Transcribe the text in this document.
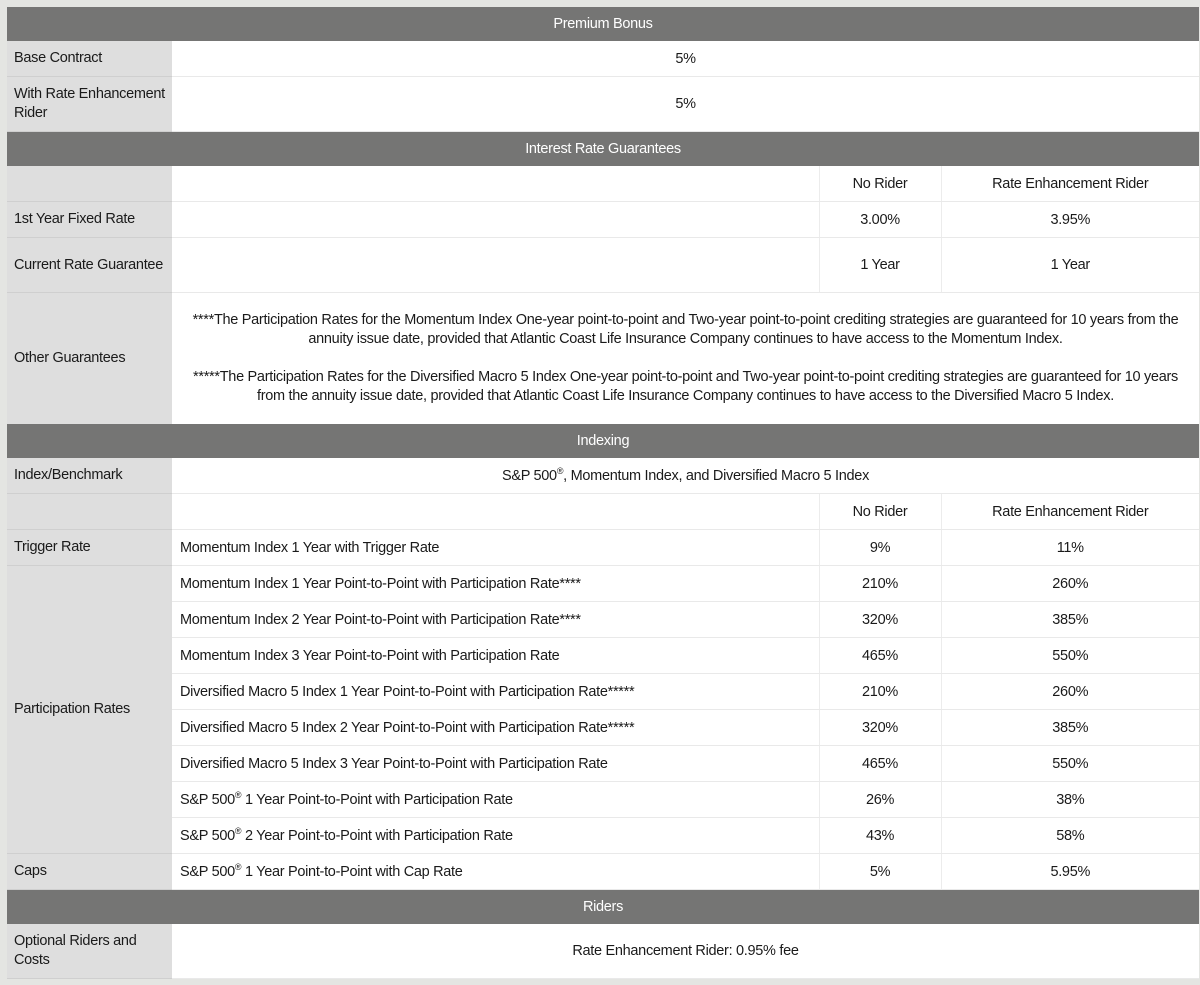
Premium Bonus			
Base Contract	5%		
With Rate Enhancement Rider	5%		
Interest Rate Guarantees			
		No Rider	Rate Enhancement Rider
1st Year Fixed Rate		3.00%	3.95%
Current Rate Guarantee		1 Year	1 Year
Other Guarantees	****The Participation Rates for the Momentum Index One-year point-to-point and Two-year point-to-point crediting strategies are guaranteed for 10 years from the annuity issue date, provided that Atlantic Coast Life Insurance Company continues to have access to the Momentum Index.

*****The Participation Rates for the Diversified Macro 5 Index One-year point-to-point and Two-year point-to-point crediting strategies are guaranteed for 10 years from the annuity issue date, provided that Atlantic Coast Life Insurance Company continues to have access to the Diversified Macro 5 Index.		

Indexing			
Index/Benchmark	S&P 500®, Momentum Index, and Diversified Macro 5 Index		
		No Rider	Rate Enhancement Rider
Trigger Rate	Momentum Index 1 Year with Trigger Rate	9%	11%
Participation Rates	Momentum Index 1 Year Point-to-Point with Participation Rate****	210%	260%
	Momentum Index 2 Year Point-to-Point with Participation Rate****	320%	385%
	Momentum Index 3 Year Point-to-Point with Participation Rate	465%	550%
	Diversified Macro 5 Index 1 Year Point-to-Point with Participation Rate*****	210%	260%
	Diversified Macro 5 Index 2 Year Point-to-Point with Participation Rate*****	320%	385%
	Diversified Macro 5 Index 3 Year Point-to-Point with Participation Rate	465%	550%
	S&P 500® 1 Year Point-to-Point with Participation Rate	26%	38%
	S&P 500® 2 Year Point-to-Point with Participation Rate	43%	58%
Caps	S&P 500® 1 Year Point-to-Point with Cap Rate	5%	5.95%
Riders			
Optional Riders and Costs	Rate Enhancement Rider: 0.95% fee		
